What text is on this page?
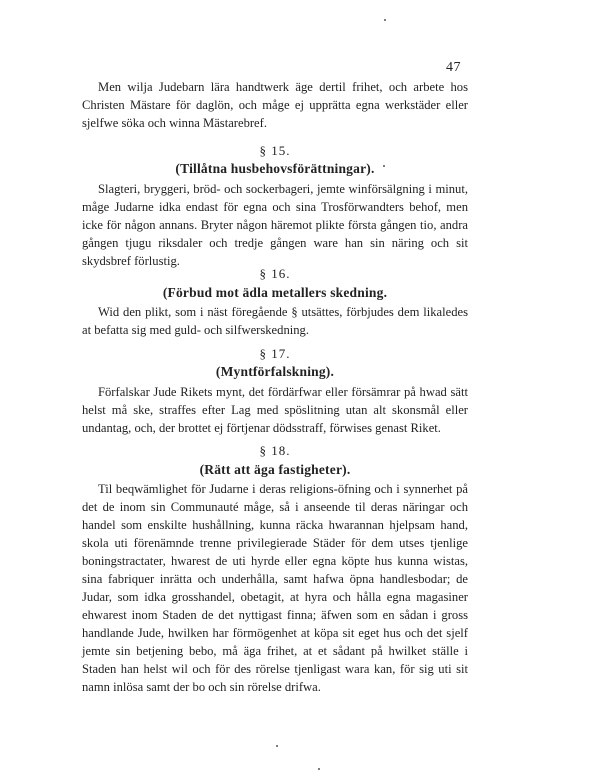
47

Men wilja Judebarn lära handtwerk äge dertil frihet, och arbete hos Christen Mästare för daglön, och måge ej upprätta egna werkstäder eller sjelfwe söka och winna Mästarebref.

§ 15.

(Tillåtna husbehovsförättningar).

Slagteri, bryggeri, bröd- och sockerbageri, jemte winförsälgning i minut, måge Judarne idka endast för egna och sina Trosförwandters behof, men icke för någon annans. Bryter någon häremot plikte första gången tio, andra gången tjugu riksdaler och tredje gången ware han sin näring och sit skydsbref förlustig.

§ 16.

(Förbud mot ädla metallers skedning.

Wid den plikt, som i näst föregående § utsättes, förbjudes dem likaledes at befatta sig med guld- och silfwerskedning.

§ 17.

(Myntförfalskning).

Förfalskar Jude Rikets mynt, det fördärfwar eller försämrar på hwad sätt helst må ske, straffes efter Lag med spöslitning utan alt skonsmål eller undantag, och, der brottet ej förtjenar dödsstraff, förwises genast Riket.

§ 18.

(Rätt att äga fastigheter).

Til beqwämlighet för Judarne i deras religions-öfning och i synnerhet på det de inom sin Communauté måge, så i anseende til deras näringar och handel som enskilte hushållning, kunna räcka hwarannan hjelpsam hand, skola uti förenämnde trenne privilegierade Städer för dem utses tjenlige boningstractater, hwarest de uti hyrde eller egna köpte hus kunna wistas, sina fabriquer inrätta och underhålla, samt hafwa öpna handlesbodar; de Judar, som idka grosshandel, obetagit, at hyra och hålla egna magasiner ehwarest inom Staden de det nyttigast finna; äfwen som en sådan i gross handlande Jude, hwilken har förmögenhet at köpa sit eget hus och det sjelf jemte sin betjening bebo, må äga frihet, at et sådant på hwilket ställe i Staden han helst wil och för des rörelse tjenligast wara kan, för sig uti sit namn inlösa samt der bo och sin rörelse drifwa.
